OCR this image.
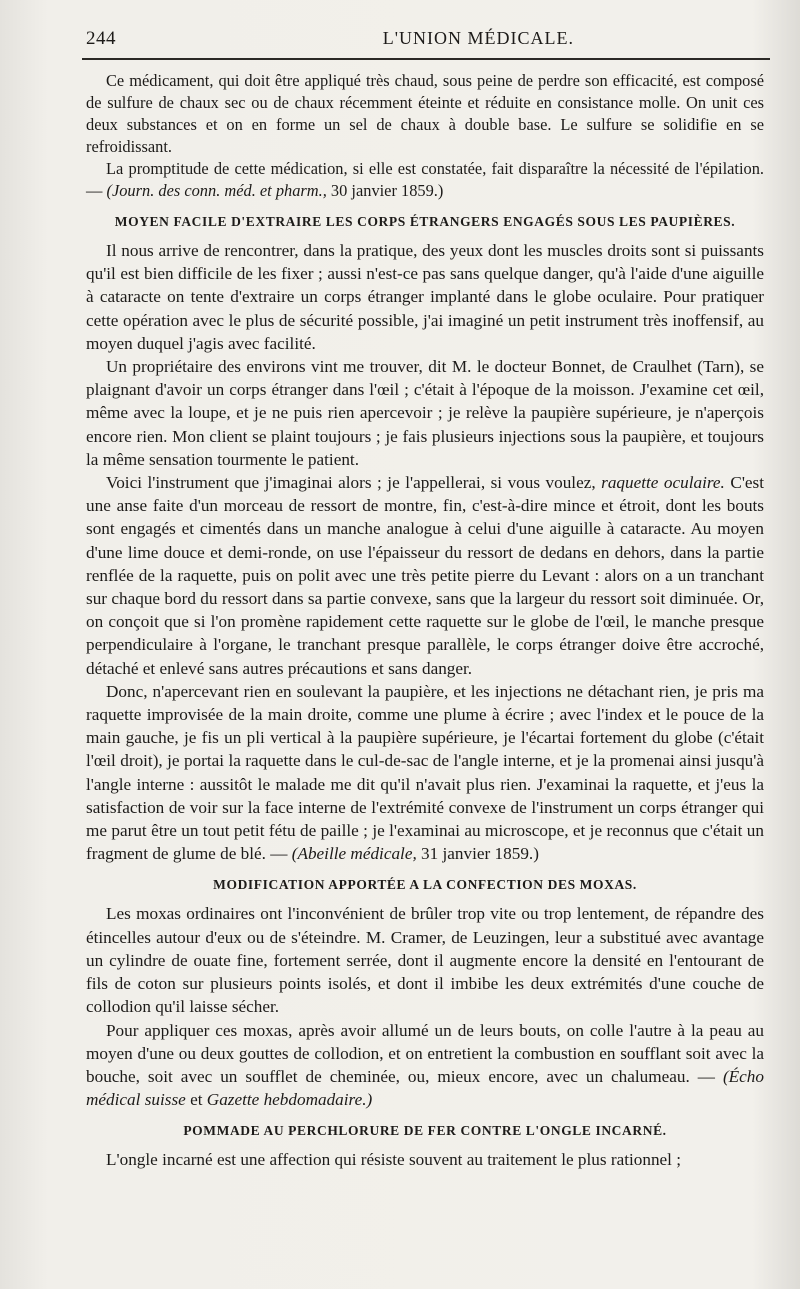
244	L'UNION MÉDICALE.

Ce médicament, qui doit être appliqué très chaud, sous peine de perdre son efficacité, est composé de sulfure de chaux sec ou de chaux récemment éteinte et réduite en consistance molle. On unit ces deux substances et on en forme un sel de chaux à double base. Le sulfure se solidifie en se refroidissant.

La promptitude de cette médication, si elle est constatée, fait disparaître la nécessité de l'épilation. — (Journ. des conn. méd. et pharm., 30 janvier 1859.)

MOYEN FACILE D'EXTRAIRE LES CORPS ÉTRANGERS ENGAGÉS SOUS LES PAUPIÈRES.

Il nous arrive de rencontrer, dans la pratique, des yeux dont les muscles droits sont si puissants qu'il est bien difficile de les fixer ; aussi n'est-ce pas sans quelque danger, qu'à l'aide d'une aiguille à cataracte on tente d'extraire un corps étranger implanté dans le globe oculaire. Pour pratiquer cette opération avec le plus de sécurité possible, j'ai imaginé un petit instrument très inoffensif, au moyen duquel j'agis avec facilité.

Un propriétaire des environs vint me trouver, dit M. le docteur Bonnet, de Craulhet (Tarn), se plaignant d'avoir un corps étranger dans l'œil ; c'était à l'époque de la moisson. J'examine cet œil, même avec la loupe, et je ne puis rien apercevoir ; je relève la paupière supérieure, je n'aperçois encore rien. Mon client se plaint toujours ; je fais plusieurs injections sous la paupière, et toujours la même sensation tourmente le patient.

Voici l'instrument que j'imaginai alors ; je l'appellerai, si vous voulez, raquette oculaire. C'est une anse faite d'un morceau de ressort de montre, fin, c'est-à-dire mince et étroit, dont les bouts sont engagés et cimentés dans un manche analogue à celui d'une aiguille à cataracte. Au moyen d'une lime douce et demi-ronde, on use l'épaisseur du ressort de dedans en dehors, dans la partie renflée de la raquette, puis on polit avec une très petite pierre du Levant : alors on a un tranchant sur chaque bord du ressort dans sa partie convexe, sans que la largeur du ressort soit diminuée. Or, on conçoit que si l'on promène rapidement cette raquette sur le globe de l'œil, le manche presque perpendiculaire à l'organe, le tranchant presque parallèle, le corps étranger doive être accroché, détaché et enlevé sans autres précautions et sans danger.

Donc, n'apercevant rien en soulevant la paupière, et les injections ne détachant rien, je pris ma raquette improvisée de la main droite, comme une plume à écrire ; avec l'index et le pouce de la main gauche, je fis un pli vertical à la paupière supérieure, je l'écartai fortement du globe (c'était l'œil droit), je portai la raquette dans le cul-de-sac de l'angle interne, et je la promenai ainsi jusqu'à l'angle interne : aussitôt le malade me dit qu'il n'avait plus rien. J'examinai la raquette, et j'eus la satisfaction de voir sur la face interne de l'extrémité convexe de l'instrument un corps étranger qui me parut être un tout petit fétu de paille ; je l'examinai au microscope, et je reconnus que c'était un fragment de glume de blé. — (Abeille médicale, 31 janvier 1859.)

MODIFICATION APPORTÉE A LA CONFECTION DES MOXAS.

Les moxas ordinaires ont l'inconvénient de brûler trop vite ou trop lentement, de répandre des étincelles autour d'eux ou de s'éteindre. M. Cramer, de Leuzingen, leur a substitué avec avantage un cylindre de ouate fine, fortement serrée, dont il augmente encore la densité en l'entourant de fils de coton sur plusieurs points isolés, et dont il imbibe les deux extrémités d'une couche de collodion qu'il laisse sécher.

Pour appliquer ces moxas, après avoir allumé un de leurs bouts, on colle l'autre à la peau au moyen d'une ou deux gouttes de collodion, et on entretient la combustion en soufflant soit avec la bouche, soit avec un soufflet de cheminée, ou, mieux encore, avec un chalumeau. — (Écho médical suisse et Gazette hebdomadaire.)

POMMADE AU PERCHLORURE DE FER CONTRE L'ONGLE INCARNÉ.

L'ongle incarné est une affection qui résiste souvent au traitement le plus rationnel ;
